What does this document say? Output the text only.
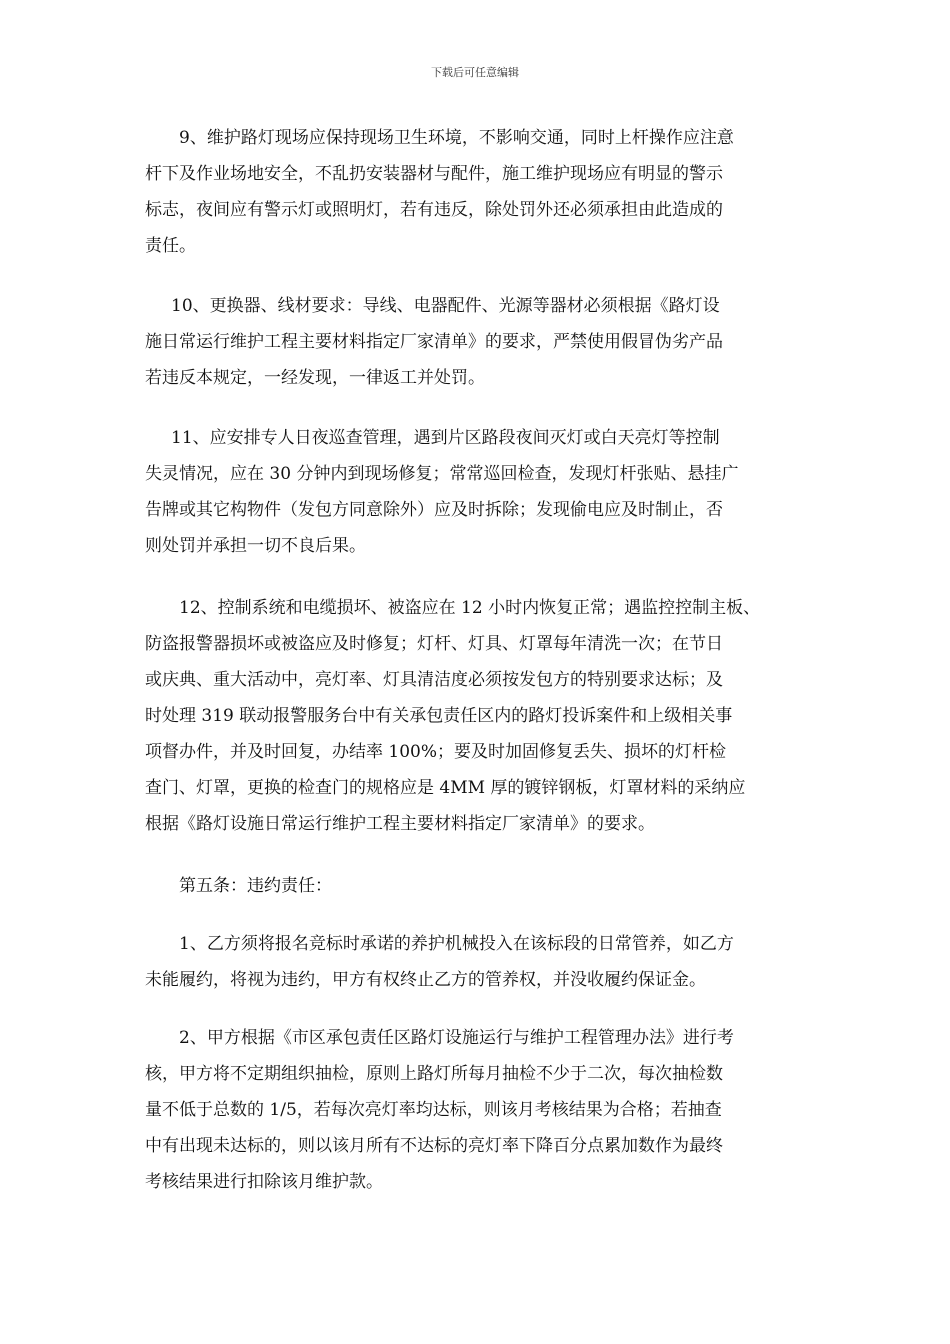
下载后可任意编辑
9、维护路灯现场应保持现场卫生环境，不影响交通，同时上杆操作应注意
杆下及作业场地安全，不乱扔安装器材与配件，施工维护现场应有明显的警示
标志，夜间应有警示灯或照明灯，若有违反，除处罚外还必须承担由此造成的
责任。
10、更换器、线材要求：导线、电器配件、光源等器材必须根据《路灯设
施日常运行维护工程主要材料指定厂家清单》的要求，严禁使用假冒伪劣产品
若违反本规定，一经发现，一律返工并处罚。
11、应安排专人日夜巡查管理，遇到片区路段夜间灭灯或白天亮灯等控制
失灵情况，应在 30 分钟内到现场修复；常常巡回检查，发现灯杆张贴、悬挂广
告牌或其它构物件（发包方同意除外）应及时拆除；发现偷电应及时制止，否
则处罚并承担一切不良后果。
12、控制系统和电缆损坏、被盗应在 12 小时内恢复正常；遇监控控制主板、
防盗报警器损坏或被盗应及时修复；灯杆、灯具、灯罩每年清洗一次；在节日
或庆典、重大活动中，亮灯率、灯具清洁度必须按发包方的特别要求达标；及
时处理 319 联动报警服务台中有关承包责任区内的路灯投诉案件和上级相关事
项督办件，并及时回复，办结率 100%；要及时加固修复丢失、损坏的灯杆检
查门、灯罩，更换的检查门的规格应是 4MM 厚的镀锌钢板，灯罩材料的采纳应
根据《路灯设施日常运行维护工程主要材料指定厂家清单》的要求。
第五条：违约责任：
1、乙方须将报名竞标时承诺的养护机械投入在该标段的日常管养，如乙方
未能履约，将视为违约，甲方有权终止乙方的管养权，并没收履约保证金。
2、甲方根据《市区承包责任区路灯设施运行与维护工程管理办法》进行考
核，甲方将不定期组织抽检，原则上路灯所每月抽检不少于二次，每次抽检数
量不低于总数的 1/5，若每次亮灯率均达标，则该月考核结果为合格；若抽查
中有出现未达标的，则以该月所有不达标的亮灯率下降百分点累加数作为最终
考核结果进行扣除该月维护款。
